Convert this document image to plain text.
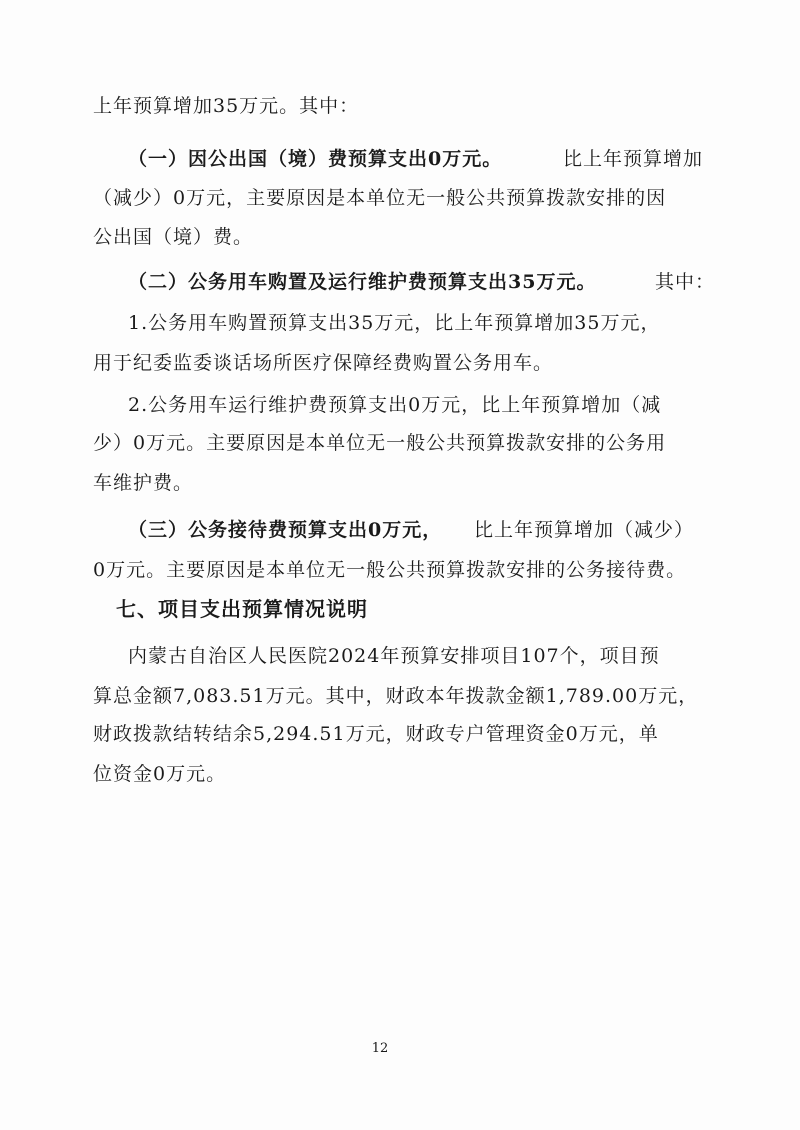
上年预算增加35万元。其中：
（一）因公出国（境）费预算支出0万元。	比上年预算增加
（减少）0万元，主要原因是本单位无一般公共预算拨款安排的因
公出国（境）费。
（二）公务用车购置及运行维护费预算支出35万元。	其中：
1.公务用车购置预算支出35万元，比上年预算增加35万元，
用于纪委监委谈话场所医疗保障经费购置公务用车。
2.公务用车运行维护费预算支出0万元，比上年预算增加（减
少）0万元。主要原因是本单位无一般公共预算拨款安排的公务用
车维护费。
（三）公务接待费预算支出0万元， 比上年预算增加（减少）
0万元。主要原因是本单位无一般公共预算拨款安排的公务接待费。
七、项目支出预算情况说明
内蒙古自治区人民医院2024年预算安排项目107个，项目预
算总金额7,083.51万元。其中，财政本年拨款金额1,789.00万元，
财政拨款结转结余5,294.51万元，财政专户管理资金0万元，单
位资金0万元。
12
